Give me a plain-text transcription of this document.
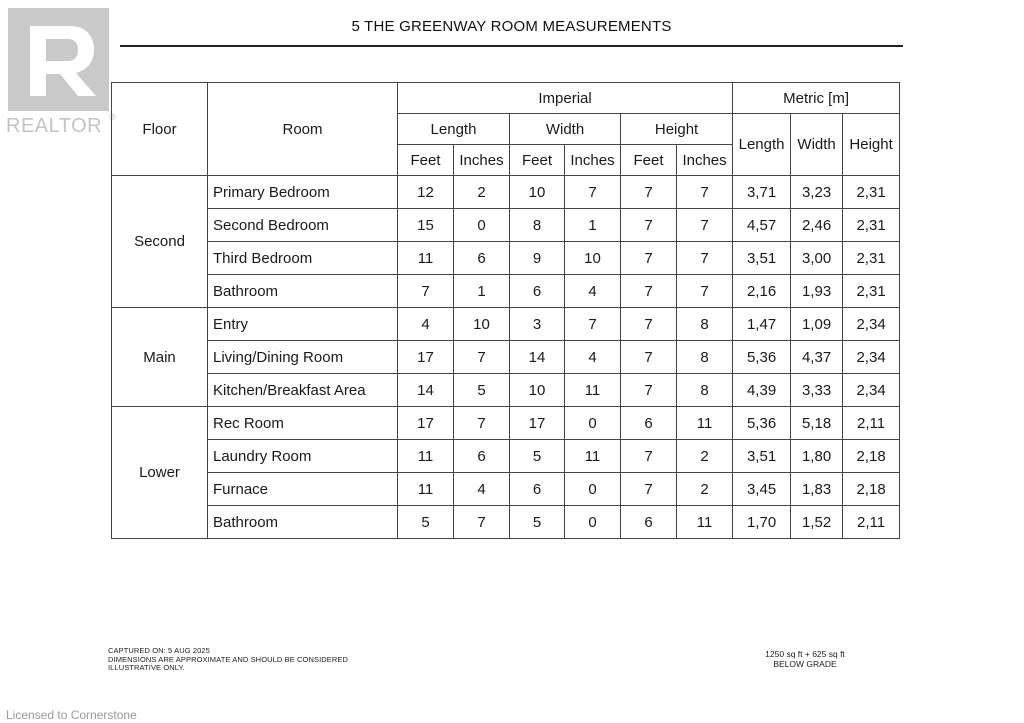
REALTOR ®
5 THE GREENWAY ROOM MEASUREMENTS
Floor	Room	Imperial						Metric [m]		
		Length		Width		Height		Length	Width	Height
		Feet	Inches	Feet	Inches	Feet	Inches			
Second	Primary Bedroom	12	2	10	7	7	7	3,71	3,23	2,31
	Second Bedroom	15	0	8	1	7	7	4,57	2,46	2,31
	Third Bedroom	11	6	9	10	7	7	3,51	3,00	2,31
	Bathroom	7	1	6	4	7	7	2,16	1,93	2,31
Main	Entry	4	10	3	7	7	8	1,47	1,09	2,34
	Living/Dining Room	17	7	14	4	7	8	5,36	4,37	2,34
	Kitchen/Breakfast Area	14	5	10	11	7	8	4,39	3,33	2,34
Lower	Rec Room	17	7	17	0	6	11	5,36	5,18	2,11
	Laundry Room	11	6	5	11	7	2	3,51	1,80	2,18
	Furnace	11	4	6	0	7	2	3,45	1,83	2,18
	Bathroom	5	7	5	0	6	11	1,70	1,52	2,11
CAPTURED ON: 5 AUG 2025
DIMENSIONS ARE APPROXIMATE AND SHOULD BE CONSIDERED
ILLUSTRATIVE ONLY.
1250 sq ft + 625 sq ft
BELOW GRADE
Licensed to Cornerstone
